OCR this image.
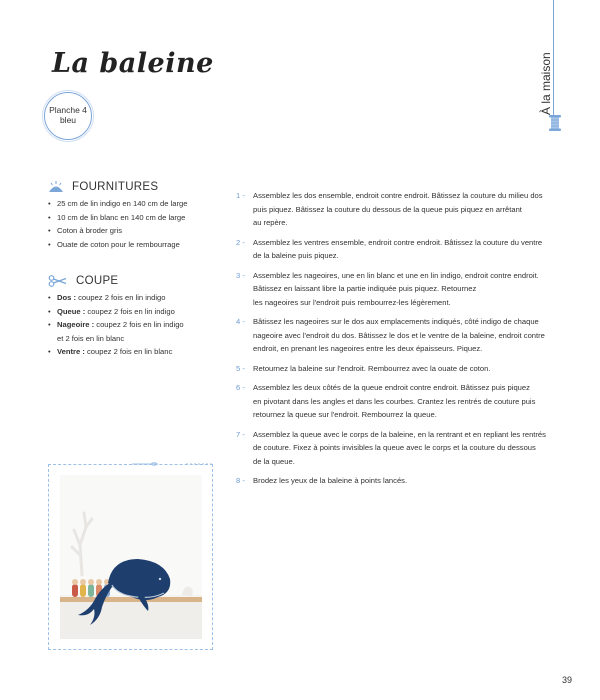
La baleine
Planche 4
bleu
À la maison
FOURNITURES
• 25 cm de lin indigo en 140 cm de large
• 10 cm de lin blanc en 140 cm de large
• Coton à broder gris
• Ouate de coton pour le rembourrage
COUPE
• Dos : coupez 2 fois en lin indigo
• Queue : coupez 2 fois en lin indigo
• Nageoire : coupez 2 fois en lin indigo
et 2 fois en lin blanc
• Ventre : coupez 2 fois en lin blanc
1 -	Assemblez les dos ensemble, endroit contre endroit. Bâtissez la couture du milieu dos
puis piquez. Bâtissez la couture du dessous de la queue puis piquez en arrêtant
au repère.
2 -	Assemblez les ventres ensemble, endroit contre endroit. Bâtissez la couture du ventre
de la baleine puis piquez.
3 -	Assemblez les nageoires, une en lin blanc et une en lin indigo, endroit contre endroit.
Bâtissez en laissant libre la partie indiquée puis piquez. Retournez
les nageoires sur l'endroit puis rembourrez-les légèrement.
4 -	Bâtissez les nageoires sur le dos aux emplacements indiqués, côté indigo de chaque
nageoire avec l'endroit du dos. Bâtissez le dos et le ventre de la baleine, endroit contre
endroit, en prenant les nageoires entre les deux épaisseurs. Piquez.
5 -	Retournez la baleine sur l'endroit. Rembourrez avec la ouate de coton.
6 -	Assemblez les deux côtés de la queue endroit contre endroit. Bâtissez puis piquez
en pivotant dans les angles et dans les courbes. Crantez les rentrés de couture puis
retournez la queue sur l'endroit. Rembourrez la queue.
7 -	Assemblez la queue avec le corps de la baleine, en la rentrant et en repliant les rentrés
de couture. Fixez à points invisibles la queue avec le corps et la couture du dessous
de la queue.
8 -	Brodez les yeux de la baleine à points lancés.
39
